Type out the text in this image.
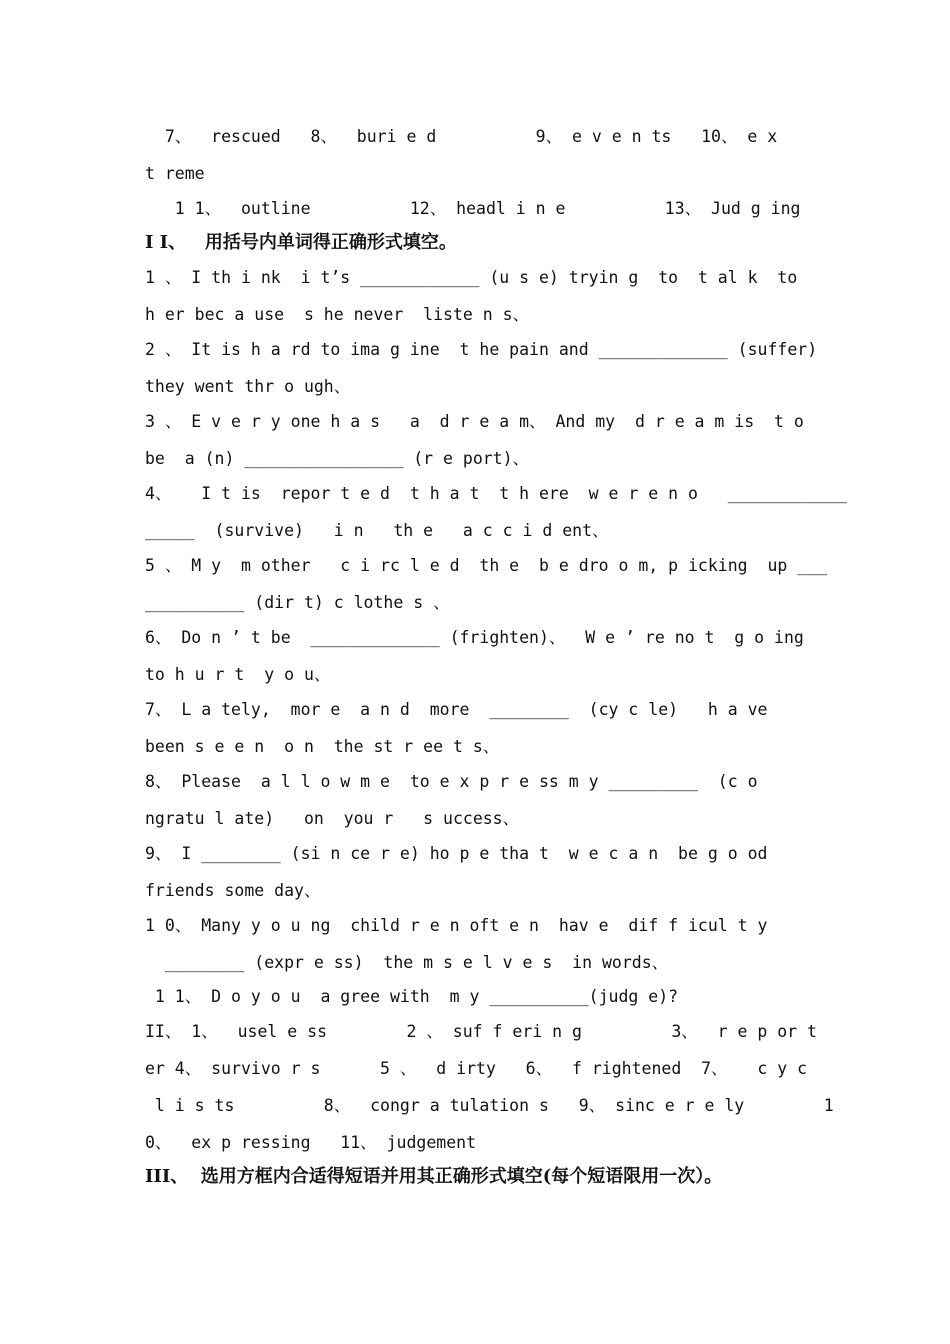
7、  rescued   8、  buri e d          9、 e v e n ts   10、 e x
t reme
1 1、  outline          12、 headl i n e          13、 Jud g ing
I I、   用括号内单词得正确形式填空。
1 、 I th i nk  i t’s ____________ (u s e) tryin g  to  t al k  to
h er bec a use  s he never  liste n s、
2 、 It is h a rd to ima g ine  t he pain and _____________ (suffer)
they went thr o ugh、
3 、 E v e r y one h a s   a  d r e a m、 And my  d r e a m is  t o
be  a (n) ________________ (r e port)、
4、   I t is  repor t e d  t h a t  t h ere  w e r e n o   ____________
_____  (survive)   i n   th e   a c c i d ent、
5 、 M y  m other   c i rc l e d  th e  b e dro o m, p icking  up ___
__________ (dir t) c lothe s 、
6、 Do n ’ t be  _____________ (frighten)、  W e ’ re no t  g o ing
to h u r t  y o u、
7、 L a tely,  mor e  a n d  more  ________  (cy c le)   h a ve
been s e e n  o n  the st r ee t s、
8、 Please  a l l o w m e  to e x p r e ss m y _________  (c o
ngratu l ate)   on  you r   s uccess、
9、 I ________ (si n ce r e) ho p e tha t  w e c a n  be g o od
friends some day、
1 0、 Many y o u ng  child r e n oft e n  hav e  dif f icul t y
________ (expr e ss)  the m s e l v e s  in words、
1 1、 D o y o u  a gree with  m y __________(judg e)?
II、 1、  usel e ss        2 、 suf f eri n g         3、  r e p or t
er 4、 survivo r s      5 、  d irty   6、  f rightened  7、   c y c
l i s ts         8、  congr a tulation s   9、 sinc e r e ly        1
0、  ex p ressing   11、 judgement
III、  选用方框内合适得短语并用其正确形式填空(每个短语限用一次）。
